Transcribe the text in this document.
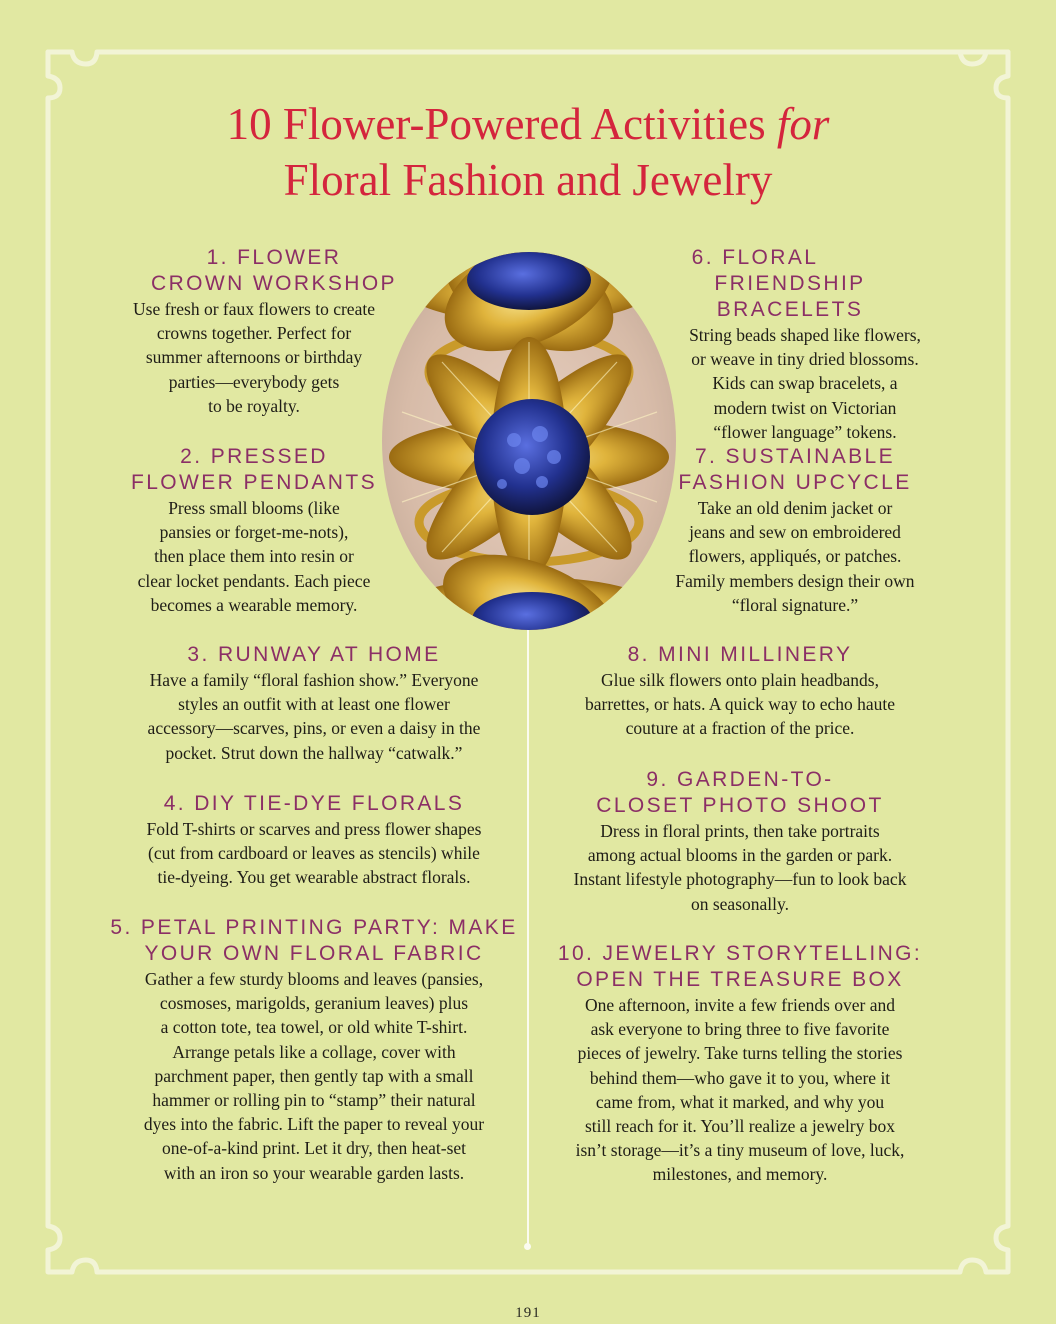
10 Flower-Powered Activities for
Floral Fashion and Jewelry
1. FLOWER
CROWN WORKSHOP

Use fresh or faux flowers to create
crowns together. Perfect for
summer afternoons or birthday
parties—everybody gets
to be royalty.

2. PRESSED
FLOWER PENDANTS

Press small blooms (like
pansies or forget-me-nots),
then place them into resin or
clear locket pendants. Each piece
becomes a wearable memory.

3. RUNWAY AT HOME

Have a family “floral fashion show.” Everyone
styles an outfit with at least one flower
accessory—scarves, pins, or even a daisy in the
pocket. Strut down the hallway “catwalk.”

4. DIY TIE-DYE FLORALS

Fold T-shirts or scarves and press flower shapes
(cut from cardboard or leaves as stencils) while
tie-dyeing. You get wearable abstract florals.

5. PETAL PRINTING PARTY: MAKE
YOUR OWN FLORAL FABRIC

Gather a few sturdy blooms and leaves (pansies,
cosmoses, marigolds, geranium leaves) plus
a cotton tote, tea towel, or old white T-shirt.
Arrange petals like a collage, cover with
parchment paper, then gently tap with a small
hammer or rolling pin to “stamp” their natural
dyes into the fabric. Lift the paper to reveal your
one-of-a-kind print. Let it dry, then heat-set
with an iron so your wearable garden lasts.

6. FLORAL
FRIENDSHIP BRACELETS

String beads shaped like flowers,
or weave in tiny dried blossoms.
Kids can swap bracelets, a
modern twist on Victorian
“flower language” tokens.

7. SUSTAINABLE
FASHION UPCYCLE

Take an old denim jacket or
jeans and sew on embroidered
flowers, appliqués, or patches.
Family members design their own
“floral signature.”

8. MINI MILLINERY

Glue silk flowers onto plain headbands,
barrettes, or hats. A quick way to echo haute
couture at a fraction of the price.

9. GARDEN-TO-
CLOSET PHOTO SHOOT

Dress in floral prints, then take portraits
among actual blooms in the garden or park.
Instant lifestyle photography—fun to look back
on seasonally.

10. JEWELRY STORYTELLING:
OPEN THE TREASURE BOX

One afternoon, invite a few friends over and
ask everyone to bring three to five favorite
pieces of jewelry. Take turns telling the stories
behind them—who gave it to you, where it
came from, what it marked, and why you
still reach for it. You’ll realize a jewelry box
isn’t storage—it’s a tiny museum of love, luck,
milestones, and memory.

191
